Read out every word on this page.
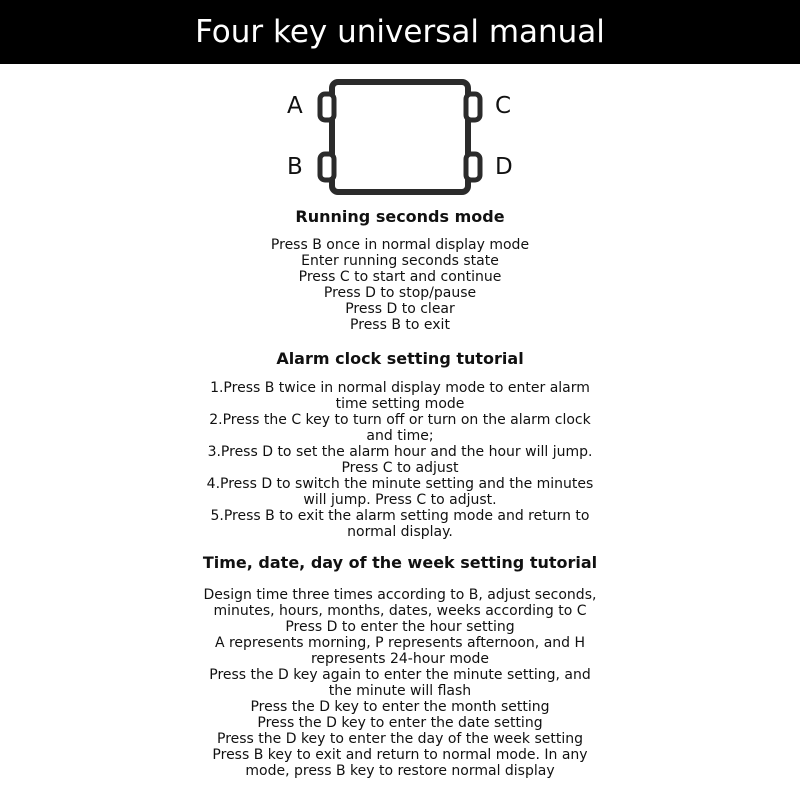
Four key universal manual
A
B
C
D
Running seconds mode
Press B once in normal display mode
Enter running seconds state
Press C to start and continue
Press D to stop/pause
Press D to clear
Press B to exit
Alarm clock setting tutorial
1.Press B twice in normal display mode to enter alarm
time setting mode
2.Press the C key to turn off or turn on the alarm clock
and time;
3.Press D to set the alarm hour and the hour will jump.
Press C to adjust
4.Press D to switch the minute setting and the minutes
will jump. Press C to adjust.
5.Press B to exit the alarm setting mode and return to
normal display.
Time, date, day of the week setting tutorial
Design time three times according to B, adjust seconds,
minutes, hours, months, dates, weeks according to C
Press D to enter the hour setting
A represents morning, P represents afternoon, and H
represents 24-hour mode
Press the D key again to enter the minute setting, and
the minute will flash
Press the D key to enter the month setting
Press the D key to enter the date setting
Press the D key to enter the day of the week setting
Press B key to exit and return to normal mode. In any
mode, press B key to restore normal display
